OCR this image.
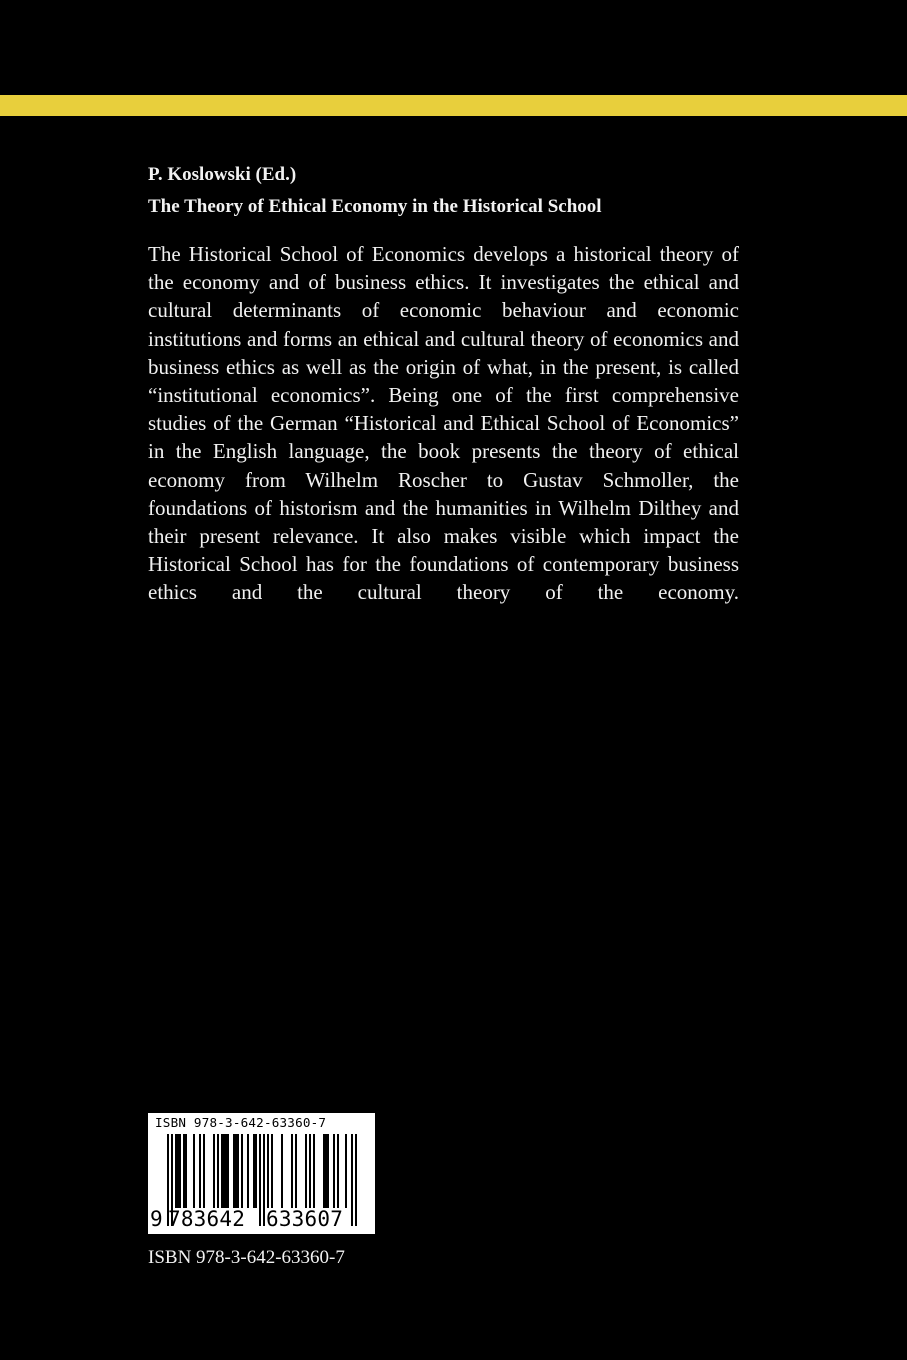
P. Koslowski (Ed.)
The Theory of Ethical Economy in the Historical School

The Historical School of Economics develops a historical theory of the economy and of business ethics. It investigates the ethical and cultural determinants of economic behaviour and economic institutions and forms an ethical and cultural theory of economics and business ethics as well as the origin of what, in the present, is called “institutional economics”. Being one of the first comprehensive studies of the German “Historical and Ethical School of Economics” in the English language, the book presents the theory of ethical economy from Wilhelm Roscher to Gustav Schmoller, the foundations of historism and the humanities in Wilhelm Dilthey and their present relevance. It also makes visible which impact the Historical School has for the foundations of contemporary business ethics and the cultural theory of the economy.

ISBN 978-3-642-63360-7
9 783642 633607
ISBN 978-3-642-63360-7
